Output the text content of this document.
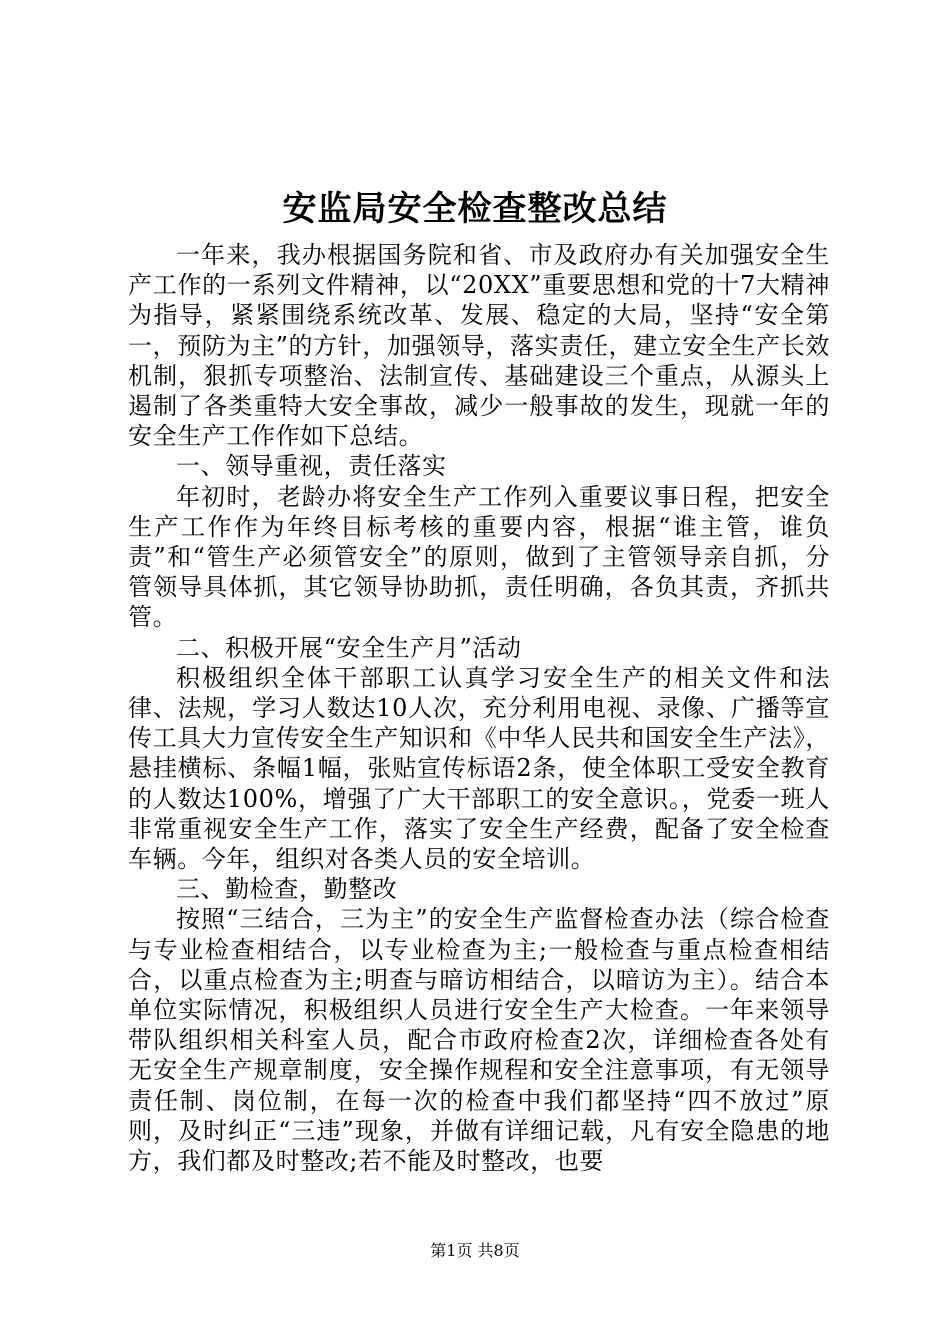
安监局安全检查整改总结

一年来，我办根据国务院和省、市及政府办有关加强安全生产工作的一系列文件精神，以“20XX”重要思想和党的十7大精神为指导，紧紧围绕系统改革、发展、稳定的大局，坚持“安全第一，预防为主”的方针，加强领导，落实责任，建立安全生产长效机制，狠抓专项整治、法制宣传、基础建设三个重点，从源头上遏制了各类重特大安全事故，减少一般事故的发生，现就一年的安全生产工作作如下总结。

一、领导重视，责任落实

年初时，老龄办将安全生产工作列入重要议事日程，把安全生产工作作为年终目标考核的重要内容，根据“谁主管，谁负责”和“管生产必须管安全”的原则，做到了主管领导亲自抓，分管领导具体抓，其它领导协助抓，责任明确，各负其责，齐抓共管。

二、积极开展“安全生产月”活动

积极组织全体干部职工认真学习安全生产的相关文件和法律、法规，学习人数达10人次，充分利用电视、录像、广播等宣传工具大力宣传安全生产知识和《中华人民共和国安全生产法》，悬挂横标、条幅1幅，张贴宣传标语2条，使全体职工受安全教育的人数达100%，增强了广大干部职工的安全意识。，党委一班人非常重视安全生产工作，落实了安全生产经费，配备了安全检查车辆。今年，组织对各类人员的安全培训。

三、勤检查，勤整改

按照“三结合，三为主”的安全生产监督检查办法（综合检查与专业检查相结合，以专业检查为主;一般检查与重点检查相结合，以重点检查为主;明查与暗访相结合，以暗访为主）。结合本单位实际情况，积极组织人员进行安全生产大检查。一年来领导带队组织相关科室人员，配合市政府检查2次，详细检查各处有无安全生产规章制度，安全操作规程和安全注意事项，有无领导责任制、岗位制，在每一次的检查中我们都坚持“四不放过”原则，及时纠正“三违”现象，并做有详细记载，凡有安全隐患的地方，我们都及时整改;若不能及时整改，也要

第1页 共8页
